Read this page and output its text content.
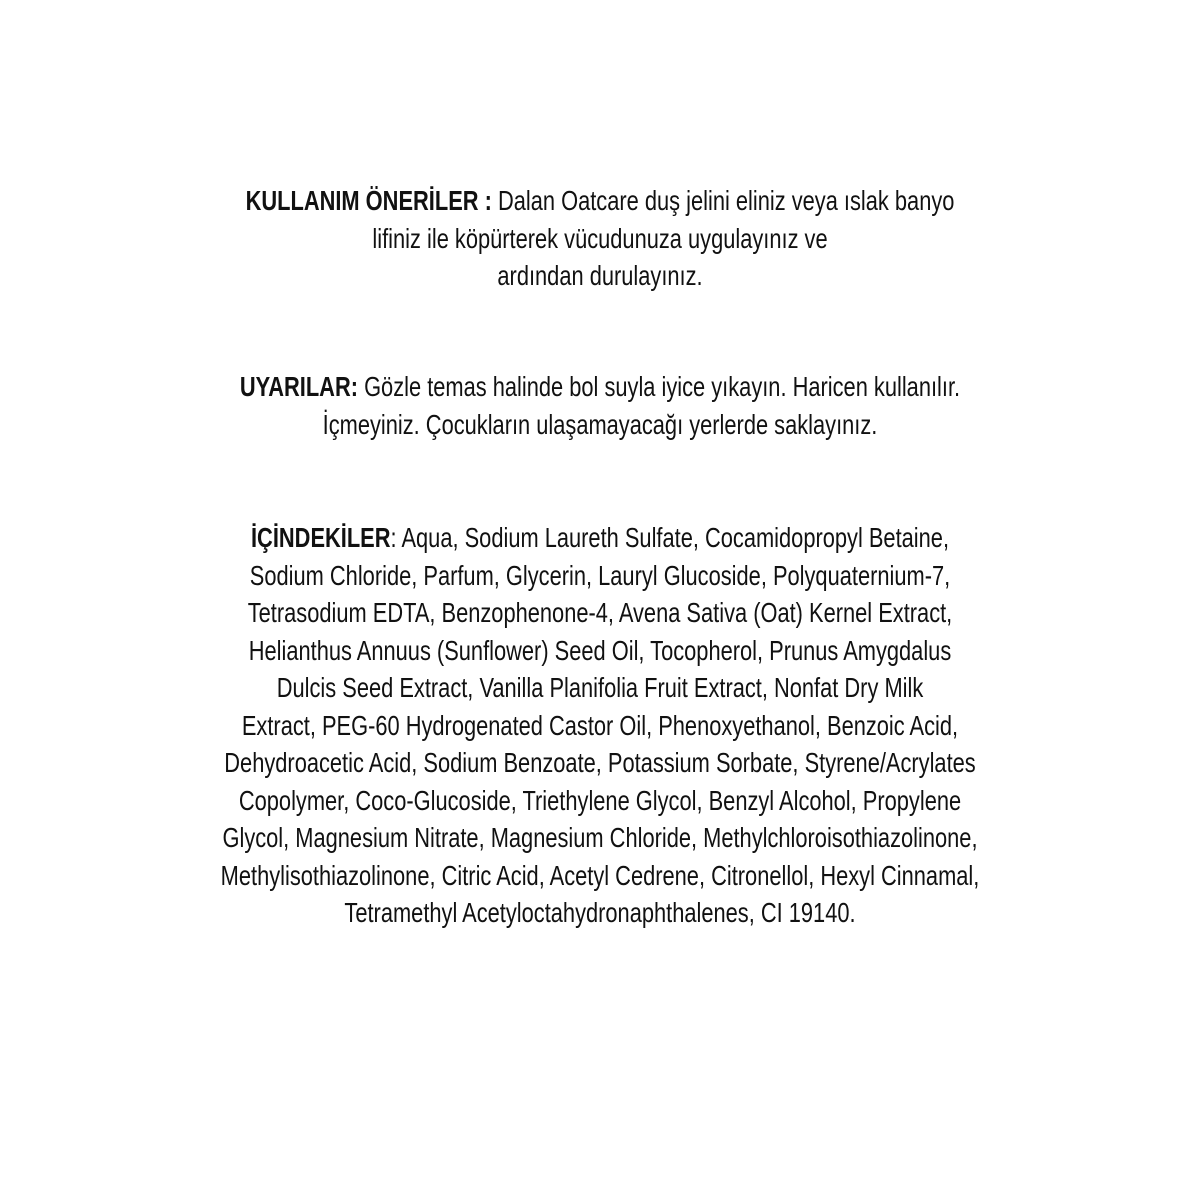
KULLANIM ÖNERİLER : Dalan Oatcare duş jelini eliniz veya ıslak banyo
lifiniz ile köpürterek vücudunuza uygulayınız ve
ardından durulayınız.
UYARILAR: Gözle temas halinde bol suyla iyice yıkayın. Haricen kullanılır.
İçmeyiniz. Çocukların ulaşamayacağı yerlerde saklayınız.
İÇİNDEKİLER: Aqua, Sodium Laureth Sulfate, Cocamidopropyl Betaine,
Sodium Chloride, Parfum, Glycerin, Lauryl Glucoside, Polyquaternium-7,
Tetrasodium EDTA, Benzophenone-4, Avena Sativa (Oat) Kernel Extract,
Helianthus Annuus (Sunflower) Seed Oil, Tocopherol, Prunus Amygdalus
Dulcis Seed Extract, Vanilla Planifolia Fruit Extract, Nonfat Dry Milk
Extract, PEG-60 Hydrogenated Castor Oil, Phenoxyethanol, Benzoic Acid,
Dehydroacetic Acid, Sodium Benzoate, Potassium Sorbate, Styrene/Acrylates
Copolymer, Coco-Glucoside, Triethylene Glycol, Benzyl Alcohol, Propylene
Glycol, Magnesium Nitrate, Magnesium Chloride, Methylchloroisothiazolinone,
Methylisothiazolinone, Citric Acid, Acetyl Cedrene, Citronellol, Hexyl Cinnamal,
Tetramethyl Acetyloctahydronaphthalenes, CI 19140.
